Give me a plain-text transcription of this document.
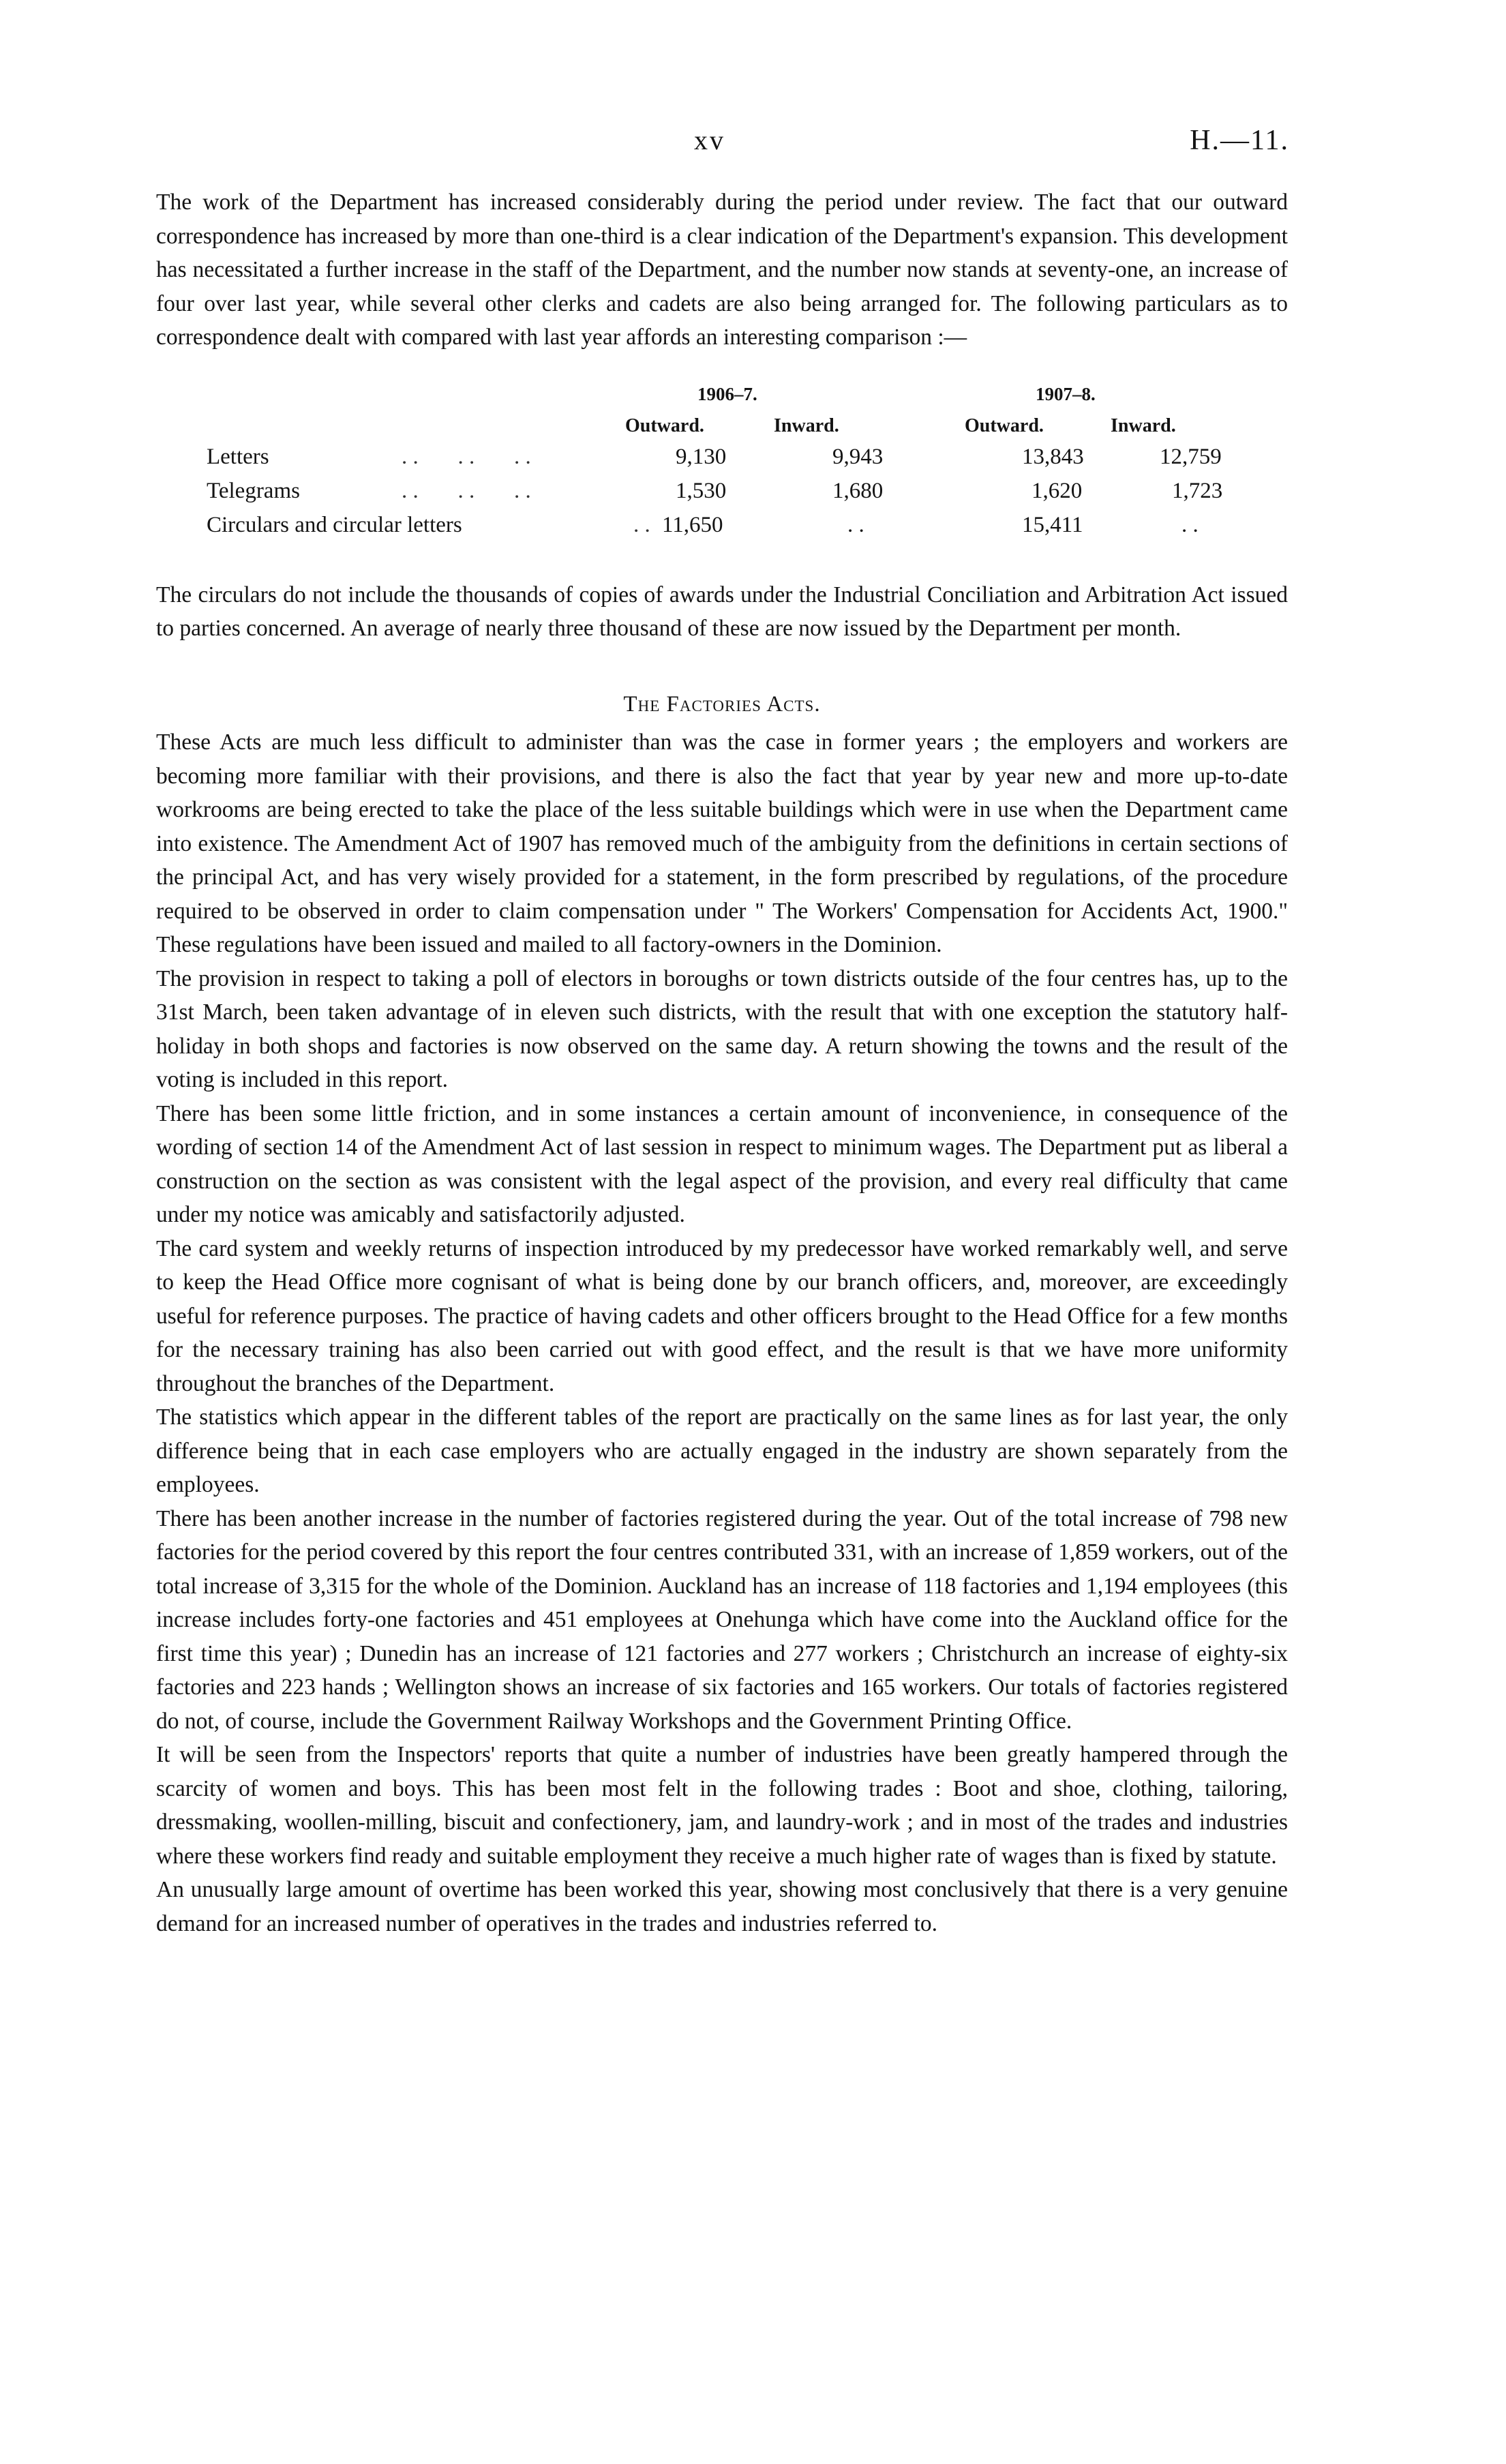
xv	H.—11.

The work of the Department has increased considerably during the period under review. The fact that our outward correspondence has increased by more than one-third is a clear indication of the Department's expansion. This development has necessitated a further increase in the staff of the Department, and the number now stands at seventy-one, an increase of four over last year, while several other clerks and cadets are also being arranged for. The following particulars as to correspondence dealt with compared with last year affords an interesting comparison :—

1906–7.	1907–8.
Outward.	Inward.	Outward.	Inward.
Letters	. .       . .       . .	9,130	9,943	13,843	12,759
Telegrams	. .       . .       . .	1,530	1,680	1,620	1,723
Circulars and circular letters	. . 11,650	. .	15,411	. .

The circulars do not include the thousands of copies of awards under the Industrial Conciliation and Arbitration Act issued to parties concerned. An average of nearly three thousand of these are now issued by the Department per month.

The Factories Acts.

These Acts are much less difficult to administer than was the case in former years ; the employers and workers are becoming more familiar with their provisions, and there is also the fact that year by year new and more up-to-date workrooms are being erected to take the place of the less suitable buildings which were in use when the Department came into existence. The Amendment Act of 1907 has removed much of the ambiguity from the definitions in certain sections of the principal Act, and has very wisely provided for a statement, in the form prescribed by regulations, of the procedure required to be observed in order to claim compensation under " The Workers' Compensation for Accidents Act, 1900." These regulations have been issued and mailed to all factory-owners in the Dominion.

The provision in respect to taking a poll of electors in boroughs or town districts outside of the four centres has, up to the 31st March, been taken advantage of in eleven such districts, with the result that with one exception the statutory half-holiday in both shops and factories is now observed on the same day. A return showing the towns and the result of the voting is included in this report.

There has been some little friction, and in some instances a certain amount of inconvenience, in consequence of the wording of section 14 of the Amendment Act of last session in respect to minimum wages. The Department put as liberal a construction on the section as was consistent with the legal aspect of the provision, and every real difficulty that came under my notice was amicably and satisfactorily adjusted.

The card system and weekly returns of inspection introduced by my predecessor have worked remarkably well, and serve to keep the Head Office more cognisant of what is being done by our branch officers, and, moreover, are exceedingly useful for reference purposes. The practice of having cadets and other officers brought to the Head Office for a few months for the necessary training has also been carried out with good effect, and the result is that we have more uniformity throughout the branches of the Department.

The statistics which appear in the different tables of the report are practically on the same lines as for last year, the only difference being that in each case employers who are actually engaged in the industry are shown separately from the employees.

There has been another increase in the number of factories registered during the year. Out of the total increase of 798 new factories for the period covered by this report the four centres contributed 331, with an increase of 1,859 workers, out of the total increase of 3,315 for the whole of the Dominion. Auckland has an increase of 118 factories and 1,194 employees (this increase includes forty-one factories and 451 employees at Onehunga which have come into the Auckland office for the first time this year) ; Dunedin has an increase of 121 factories and 277 workers ; Christchurch an increase of eighty-six factories and 223 hands ; Wellington shows an increase of six factories and 165 workers. Our totals of factories registered do not, of course, include the Government Railway Workshops and the Government Printing Office.

It will be seen from the Inspectors' reports that quite a number of industries have been greatly hampered through the scarcity of women and boys. This has been most felt in the following trades : Boot and shoe, clothing, tailoring, dressmaking, woollen-milling, biscuit and confectionery, jam, and laundry-work ; and in most of the trades and industries where these workers find ready and suitable employment they receive a much higher rate of wages than is fixed by statute.

An unusually large amount of overtime has been worked this year, showing most conclusively that there is a very genuine demand for an increased number of operatives in the trades and industries referred to.
